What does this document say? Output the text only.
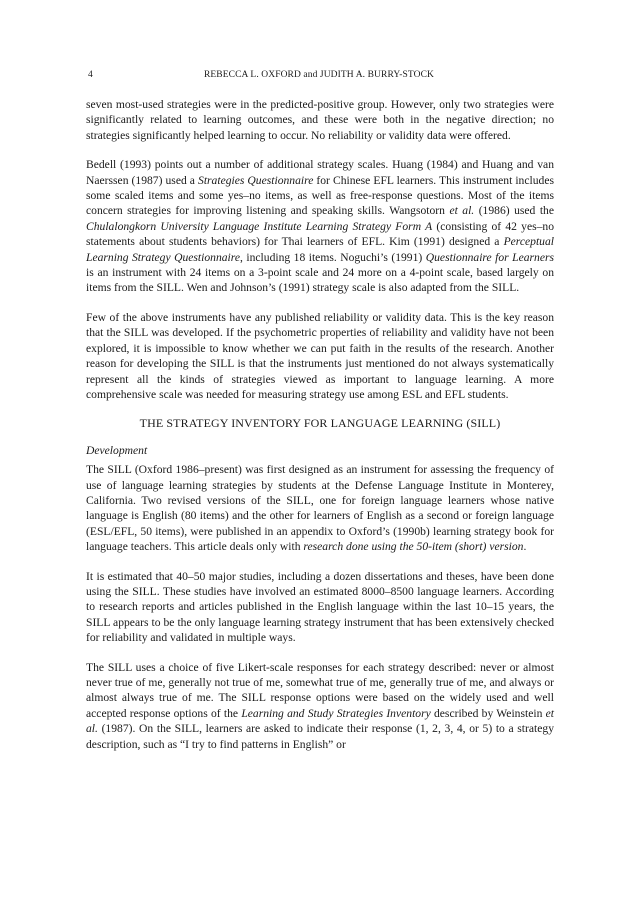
4	REBECCA L. OXFORD and JUDITH A. BURRY-STOCK

seven most-used strategies were in the predicted-positive group. However, only two strategies were significantly related to learning outcomes, and these were both in the negative direction; no strategies significantly helped learning to occur. No reliability or validity data were offered.

Bedell (1993) points out a number of additional strategy scales. Huang (1984) and Huang and van Naerssen (1987) used a Strategies Questionnaire for Chinese EFL learners. This instrument includes some scaled items and some yes–no items, as well as free-response questions. Most of the items concern strategies for improving listening and speaking skills. Wangsotorn et al. (1986) used the Chulalongkorn University Language Institute Learning Strategy Form A (consisting of 42 yes–no statements about students behaviors) for Thai learners of EFL. Kim (1991) designed a Perceptual Learning Strategy Questionnaire, including 18 items. Noguchi’s (1991) Questionnaire for Learners is an instrument with 24 items on a 3-point scale and 24 more on a 4-point scale, based largely on items from the SILL. Wen and Johnson’s (1991) strategy scale is also adapted from the SILL.

Few of the above instruments have any published reliability or validity data. This is the key reason that the SILL was developed. If the psychometric properties of reliability and validity have not been explored, it is impossible to know whether we can put faith in the results of the research. Another reason for developing the SILL is that the instruments just mentioned do not always systematically represent all the kinds of strategies viewed as important to language learning. A more comprehensive scale was needed for measuring strategy use among ESL and EFL students.

THE STRATEGY INVENTORY FOR LANGUAGE LEARNING (SILL)
Development

The SILL (Oxford 1986–present) was first designed as an instrument for assessing the frequency of use of language learning strategies by students at the Defense Language Institute in Monterey, California. Two revised versions of the SILL, one for foreign language learners whose native language is English (80 items) and the other for learners of English as a second or foreign language (ESL/EFL, 50 items), were published in an appendix to Oxford’s (1990b) learning strategy book for language teachers. This article deals only with research done using the 50-item (short) version.

It is estimated that 40–50 major studies, including a dozen dissertations and theses, have been done using the SILL. These studies have involved an estimated 8000–8500 language learners. According to research reports and articles published in the English language within the last 10–15 years, the SILL appears to be the only language learning strategy instrument that has been extensively checked for reliability and validated in multiple ways.

The SILL uses a choice of five Likert-scale responses for each strategy described: never or almost never true of me, generally not true of me, somewhat true of me, generally true of me, and always or almost always true of me. The SILL response options were based on the widely used and well accepted response options of the Learning and Study Strategies Inventory described by Weinstein et al. (1987). On the SILL, learners are asked to indicate their response (1, 2, 3, 4, or 5) to a strategy description, such as “I try to find patterns in English” or
